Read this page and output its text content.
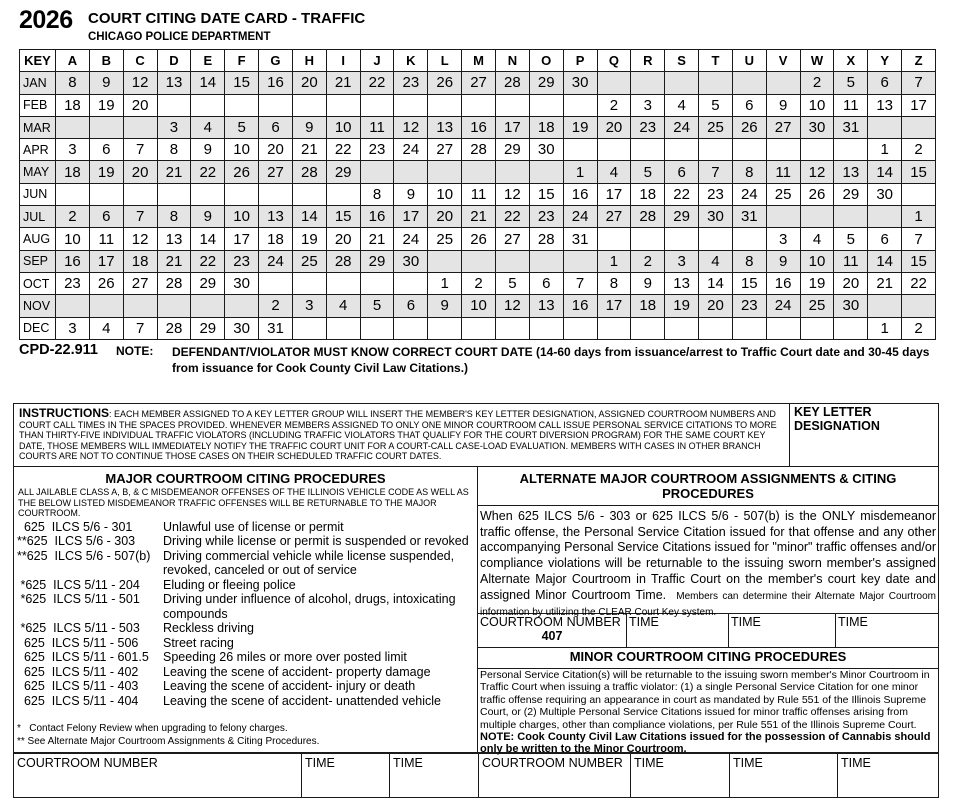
2026 COURT CITING DATE CARD - TRAFFIC
CHICAGO POLICE DEPARTMENT
KEY	A	B	C	D	E	F	G	H	I	J	K	L	M	N	O	P	Q	R	S	T	U	V	W	X	Y	Z
JAN	8	9	12	13	14	15	16	20	21	22	23	26	27	28	29	30							2	5	6	7
FEB	18	19	20														2	3	4	5	6	9	10	11	13	17
MAR				3	4	5	6	9	10	11	12	13	16	17	18	19	20	23	24	25	26	27	30	31		
APR	3	6	7	8	9	10	20	21	22	23	24	27	28	29	30										1	2
MAY	18	19	20	21	22	26	27	28	29							1	4	5	6	7	8	11	12	13	14	15
JUN										8	9	10	11	12	15	16	17	18	22	23	24	25	26	29	30	
JUL	2	6	7	8	9	10	13	14	15	16	17	20	21	22	23	24	27	28	29	30	31					1
AUG	10	11	12	13	14	17	18	19	20	21	24	25	26	27	28	31						3	4	5	6	7
SEP	16	17	18	21	22	23	24	25	28	29	30						1	2	3	4	8	9	10	11	14	15
OCT	23	26	27	28	29	30						1	2	5	6	7	8	9	13	14	15	16	19	20	21	22
NOV							2	3	4	5	6	9	10	12	13	16	17	18	19	20	23	24	25	30		
DEC	3	4	7	28	29	30	31																		1	2
CPD-22.911 NOTE: DEFENDANT/VIOLATOR MUST KNOW CORRECT COURT DATE (14-60 days from issuance/arrest to Traffic Court date and 30-45 days from issuance for Cook County Civil Law Citations.)
INSTRUCTIONS: EACH MEMBER ASSIGNED TO A KEY LETTER GROUP WILL INSERT THE MEMBER'S KEY LETTER DESIGNATION, ASSIGNED COURTROOM NUMBERS AND COURT CALL TIMES IN THE SPACES PROVIDED. WHENEVER MEMBERS ASSIGNED TO ONLY ONE MINOR COURTROOM CALL ISSUE PERSONAL SERVICE CITATIONS TO MORE THAN THIRTY-FIVE INDIVIDUAL TRAFFIC VIOLATORS (INCLUDING TRAFFIC VIOLATORS THAT QUALIFY FOR THE COURT DIVERSION PROGRAM) FOR THE SAME COURT KEY DATE, THOSE MEMBERS WILL IMMEDIATELY NOTIFY THE TRAFFIC COURT UNIT FOR A COURT-CALL CASE-LOAD EVALUATION. MEMBERS WITH CASES IN OTHER BRANCH COURTS ARE NOT TO CONTINUE THOSE CASES ON THEIR SCHEDULED TRAFFIC COURT DATES.
KEY LETTER DESIGNATION
MAJOR COURTROOM CITING PROCEDURES
ALL JAILABLE CLASS A, B, & C MISDEMEANOR OFFENSES OF THE ILLINOIS VEHICLE CODE AS WELL AS THE BELOW LISTED MISDEMEANOR TRAFFIC OFFENSES WILL BE RETURNABLE TO THE MAJOR COURTROOM.
625  ILCS 5/6 - 301 Unlawful use of license or permit
**625  ILCS 5/6 - 303 Driving while license or permit is suspended or revoked
**625  ILCS 5/6 - 507(b) Driving commercial vehicle while license suspended, revoked, canceled or out of service
*625  ILCS 5/11 - 204 Eluding or fleeing police
*625  ILCS 5/11 - 501 Driving under influence of alcohol, drugs, intoxicating compounds
*625  ILCS 5/11 - 503 Reckless driving
625  ILCS 5/11 - 506 Street racing
625  ILCS 5/11 - 601.5 Speeding 26 miles or more over posted limit
625  ILCS 5/11 - 402 Leaving the scene of accident- property damage
625  ILCS 5/11 - 403 Leaving the scene of accident- injury or death
625  ILCS 5/11 - 404 Leaving the scene of accident- unattended vehicle
*   Contact Felony Review when upgrading to felony charges.
** See Alternate Major Courtroom Assignments & Citing Procedures.
ALTERNATE MAJOR COURTROOM ASSIGNMENTS & CITING PROCEDURES
When 625 ILCS 5/6 - 303 or 625 ILCS 5/6 - 507(b) is the ONLY misdemeanor traffic offense, the Personal Service Citation issued for that offense and any other accompanying Personal Service Citations issued for "minor" traffic offenses and/or compliance violations will be returnable to the issuing sworn member's assigned Alternate Major Courtroom in Traffic Court on the member's court key date and assigned Minor Courtroom Time. Members can determine their Alternate Major Courtroom information by utilizing the CLEAR Court Key system.
COURTROOM NUMBER
407
TIME	TIME	TIME
MINOR COURTROOM CITING PROCEDURES
Personal Service Citation(s) will be returnable to the issuing sworn member's Minor Courtroom in Traffic Court when issuing a traffic violator: (1) a single Personal Service Citation for one minor traffic offense requiring an appearance in court as mandated by Rule 551 of the Illinois Supreme Court, or (2) Multiple Personal Service Citations issued for minor traffic offenses arising from multiple charges, other than compliance violations, per Rule 551 of the Illinois Supreme Court.  NOTE: Cook County Civil Law Citations issued for the possession of Cannabis should only be written to the Minor Courtroom.
COURTROOM NUMBER	TIME	TIME	COURTROOM NUMBER TIME	TIME	TIME
